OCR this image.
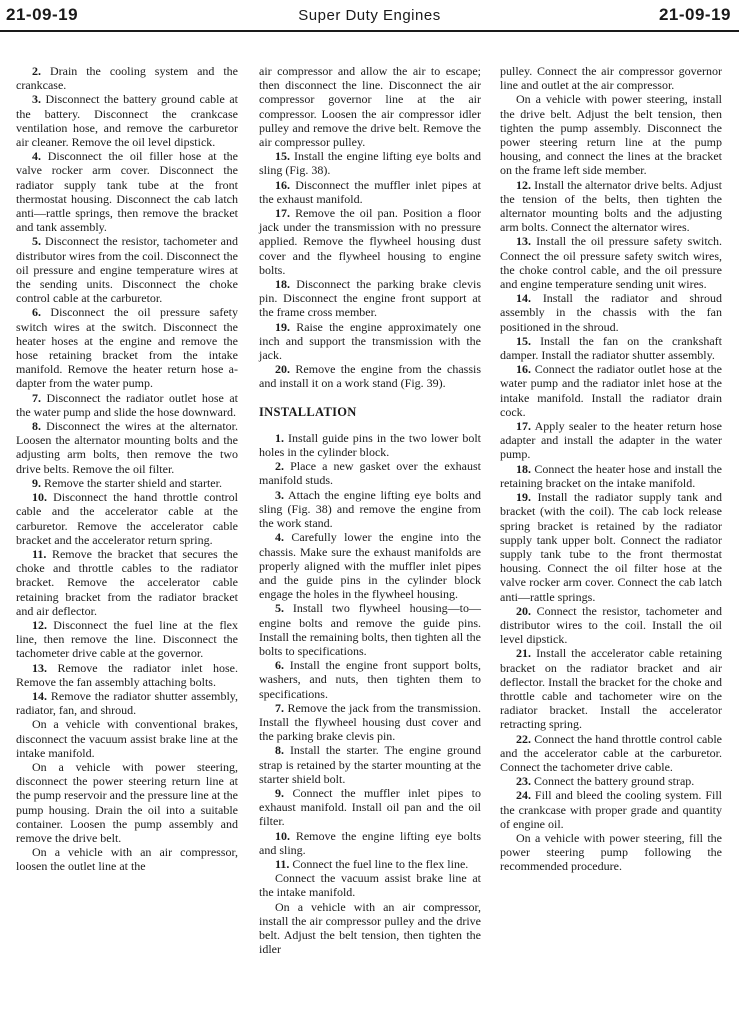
21-09-19	Super Duty Engines	21-09-19

2. Drain the cooling system and the crankcase.

3. Disconnect the battery ground cable at the battery. Disconnect the crankcase ventilation hose, and remove the carburetor air cleaner. Remove the oil level dipstick.

4. Disconnect the oil filler hose at the valve rocker arm cover. Disconnect the radiator supply tank tube at the front thermostat housing. Disconnect the cab latch anti—rattle springs, then remove the bracket and tank assembly.

5. Disconnect the resistor, tachometer and distributor wires from the coil. Disconnect the oil pressure and engine temperature wires at the sending units. Disconnect the choke control cable at the carburetor.

6. Disconnect the oil pressure safety switch wires at the switch. Disconnect the heater hoses at the engine and remove the hose retaining bracket from the intake manifold. Remove the heater return hose a-dapter from the water pump.

7. Disconnect the radiator outlet hose at the water pump and slide the hose downward.

8. Disconnect the wires at the alternator. Loosen the alternator mounting bolts and the adjusting arm bolts, then remove the two drive belts. Remove the oil filter.

9. Remove the starter shield and starter.

10. Disconnect the hand throttle control cable and the accelerator cable at the carburetor. Remove the accelerator cable bracket and the accelerator return spring.

11. Remove the bracket that secures the choke and throttle cables to the radiator bracket. Remove the accelerator cable retaining bracket from the radiator bracket and air deflector.

12. Disconnect the fuel line at the flex line, then remove the line. Disconnect the tachometer drive cable at the governor.

13. Remove the radiator inlet hose. Remove the fan assembly attaching bolts.

14. Remove the radiator shutter assembly, radiator, fan, and shroud.

On a vehicle with conventional brakes, disconnect the vacuum assist brake line at the intake manifold.

On a vehicle with power steering, disconnect the power steering return line at the pump reservoir and the pressure line at the pump housing. Drain the oil into a suitable container. Loosen the pump assembly and remove the drive belt.

On a vehicle with an air compressor, loosen the outlet line at the

air compressor and allow the air to escape; then disconnect the line. Disconnect the air compressor governor line at the air compressor. Loosen the air compressor idler pulley and remove the drive belt. Remove the air compressor pulley.

15. Install the engine lifting eye bolts and sling (Fig. 38).

16. Disconnect the muffler inlet pipes at the exhaust manifold.

17. Remove the oil pan. Position a floor jack under the transmission with no pressure applied. Remove the flywheel housing dust cover and the flywheel housing to engine bolts.

18. Disconnect the parking brake clevis pin. Disconnect the engine front support at the frame cross member.

19. Raise the engine approximately one inch and support the transmission with the jack.

20. Remove the engine from the chassis and install it on a work stand (Fig. 39).

INSTALLATION

1. Install guide pins in the two lower bolt holes in the cylinder block.

2. Place a new gasket over the exhaust manifold studs.

3. Attach the engine lifting eye bolts and sling (Fig. 38) and remove the engine from the work stand.

4. Carefully lower the engine into the chassis. Make sure the exhaust manifolds are properly aligned with the muffler inlet pipes and the guide pins in the cylinder block engage the holes in the flywheel housing.

5. Install two flywheel housing—to—engine bolts and remove the guide pins. Install the remaining bolts, then tighten all the bolts to specifications.

6. Install the engine front support bolts, washers, and nuts, then tighten them to specifications.

7. Remove the jack from the transmission. Install the flywheel housing dust cover and the parking brake clevis pin.

8. Install the starter. The engine ground strap is retained by the starter mounting at the starter shield bolt.

9. Connect the muffler inlet pipes to exhaust manifold. Install oil pan and the oil filter.

10. Remove the engine lifting eye bolts and sling.

11. Connect the fuel line to the flex line.

Connect the vacuum assist brake line at the intake manifold.

On a vehicle with an air compressor, install the air compressor pulley and the drive belt. Adjust the belt tension, then tighten the idler

pulley. Connect the air compressor governor line and outlet at the air compressor.

On a vehicle with power steering, install the drive belt. Adjust the belt tension, then tighten the pump assembly. Disconnect the power steering return line at the pump housing, and connect the lines at the bracket on the frame left side member.

12. Install the alternator drive belts. Adjust the tension of the belts, then tighten the alternator mounting bolts and the adjusting arm bolts. Connect the alternator wires.

13. Install the oil pressure safety switch. Connect the oil pressure safety switch wires, the choke control cable, and the oil pressure and engine temperature sending unit wires.

14. Install the radiator and shroud assembly in the chassis with the fan positioned in the shroud.

15. Install the fan on the crankshaft damper. Install the radiator shutter assembly.

16. Connect the radiator outlet hose at the water pump and the radiator inlet hose at the intake manifold. Install the radiator drain cock.

17. Apply sealer to the heater return hose adapter and install the adapter in the water pump.

18. Connect the heater hose and install the retaining bracket on the intake manifold.

19. Install the radiator supply tank and bracket (with the coil). The cab lock release spring bracket is retained by the radiator supply tank upper bolt. Connect the radiator supply tank tube to the front thermostat housing. Connect the oil filter hose at the valve rocker arm cover. Connect the cab latch anti—rattle springs.

20. Connect the resistor, tachometer and distributor wires to the coil. Install the oil level dipstick.

21. Install the accelerator cable retaining bracket on the radiator bracket and air deflector. Install the bracket for the choke and throttle cable and tachometer wire on the radiator bracket. Install the accelerator retracting spring.

22. Connect the hand throttle control cable and the accelerator cable at the carburetor. Connect the tachometer drive cable.

23. Connect the battery ground strap.

24. Fill and bleed the cooling system. Fill the crankcase with proper grade and quantity of engine oil.

On a vehicle with power steering, fill the power steering pump following the recommended procedure.
